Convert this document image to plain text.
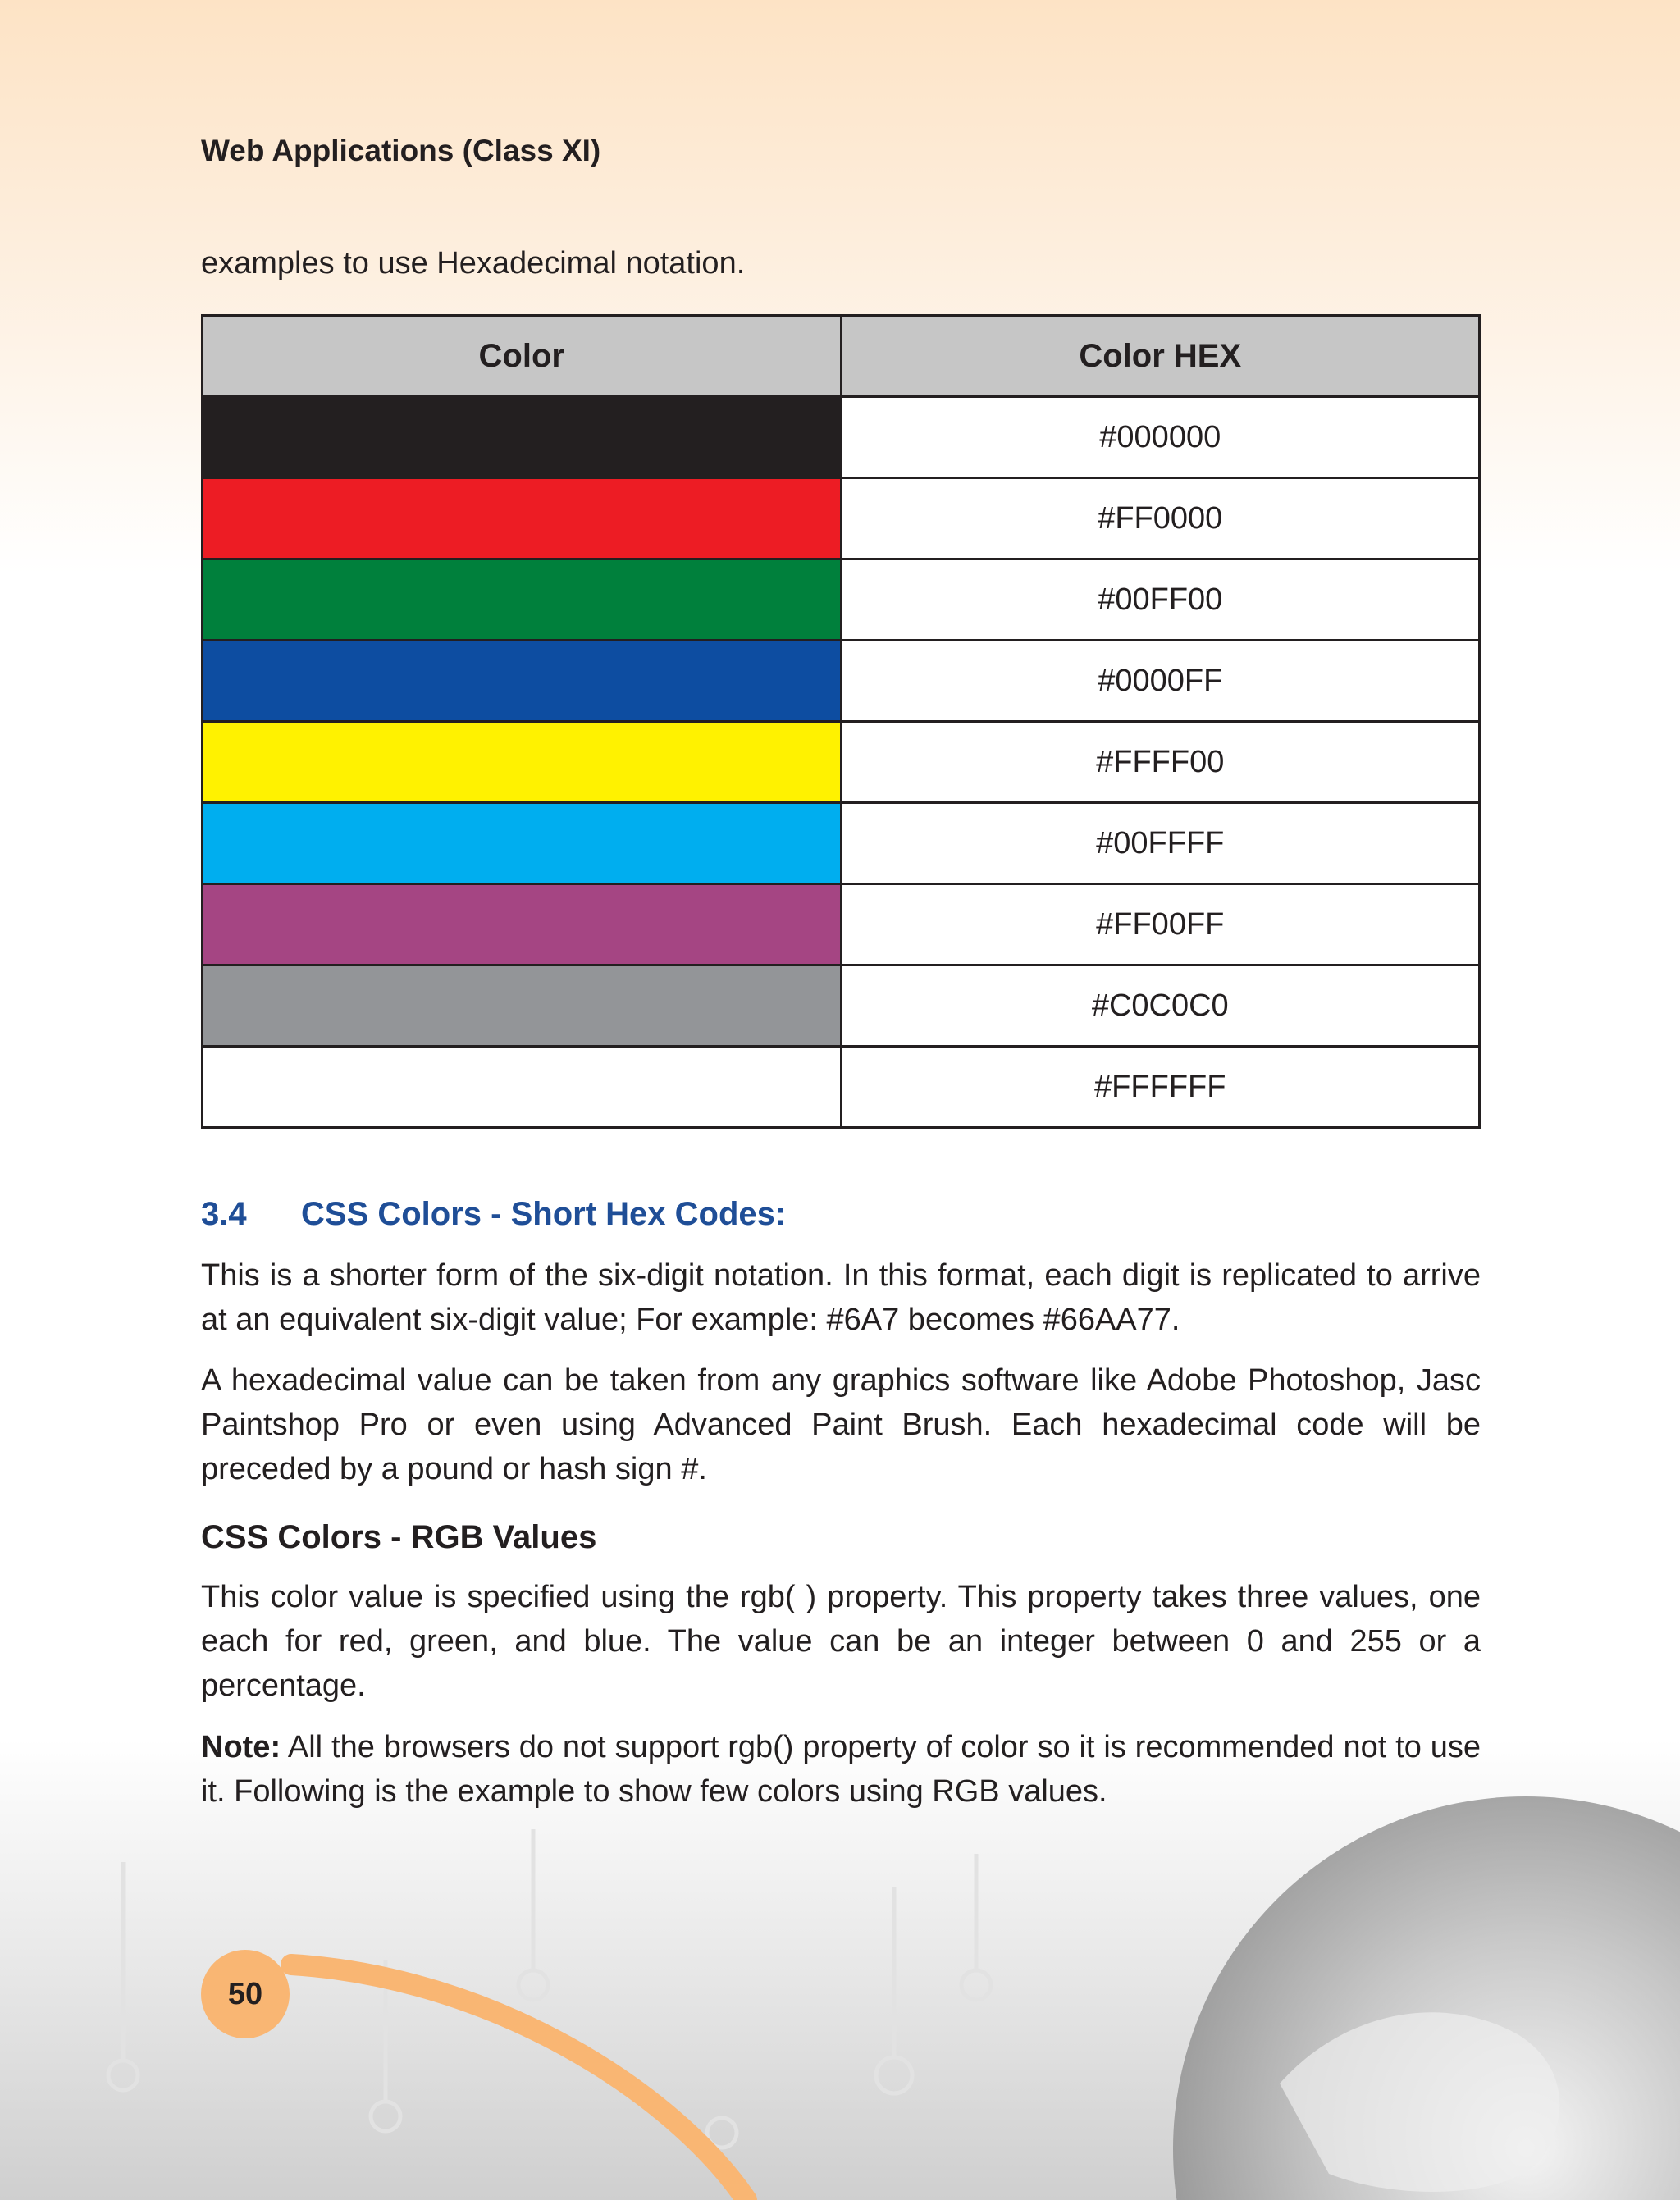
Web Applications (Class XI)

examples to use Hexadecimal notation.

Color	Color HEX
	#000000
	#FF0000
	#00FF00
	#0000FF
	#FFFF00
	#00FFFF
	#FF00FF
	#C0C0C0
	#FFFFFF
3.4 CSS Colors - Short Hex Codes:

This is a shorter form of the six-digit notation. In this format, each digit is replicated to arrive at an equivalent six-digit value; For example: #6A7 becomes #66AA77.

A hexadecimal value can be taken from any graphics software like Adobe Photoshop, Jasc Paintshop Pro or even using Advanced Paint Brush. Each hexadecimal code will be preceded by a pound or hash sign #.

CSS Colors - RGB Values

This color value is specified using the rgb( ) property. This property takes three values, one each for red, green, and blue. The value can be an integer between 0 and 255 or a percentage.

Note: All the browsers do not support rgb() property of color so it is recommended not to use it. Following is the example to show few colors using RGB values.

50
